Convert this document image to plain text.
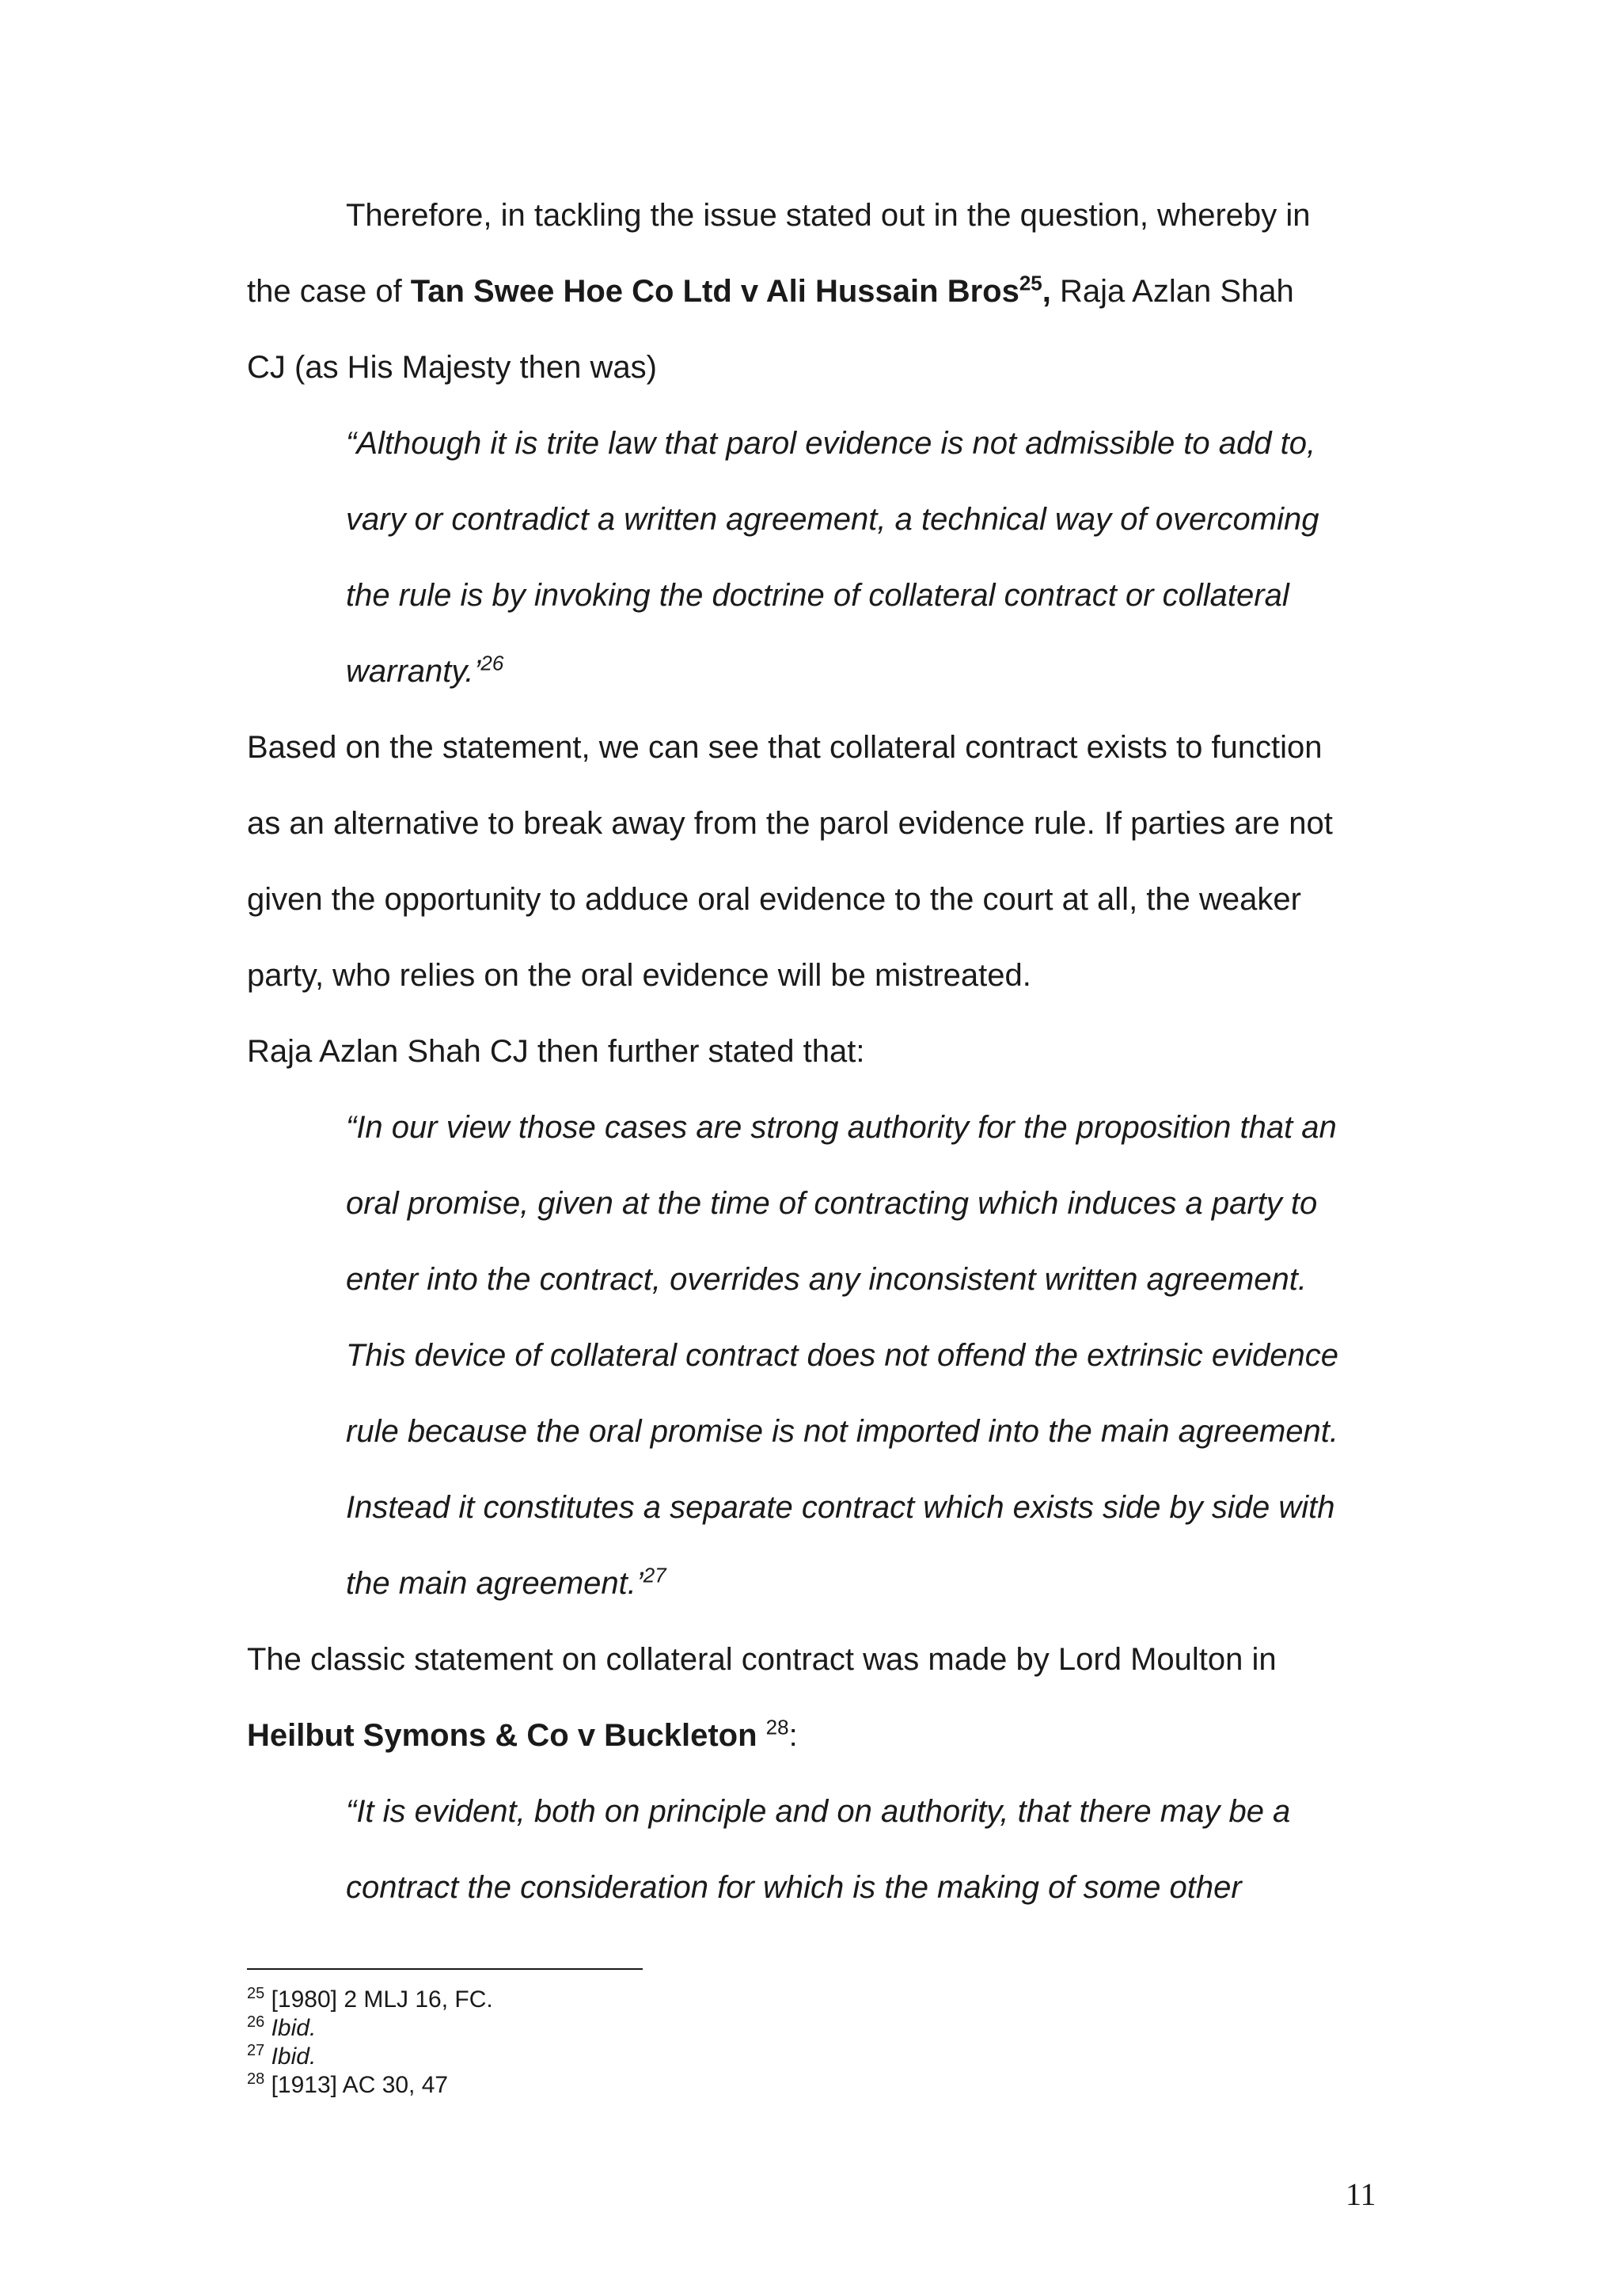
Therefore, in tackling the issue stated out in the question, whereby in
the case of Tan Swee Hoe Co Ltd v Ali Hussain Bros$^{25}$, Raja Azlan Shah
CJ (as His Majesty then was)
“Although it is trite law that parol evidence is not admissible to add to,
vary or contradict a written agreement, a technical way of overcoming
the rule is by invoking the doctrine of collateral contract or collateral
warranty.’$^{26}$
Based on the statement, we can see that collateral contract exists to function
as an alternative to break away from the parol evidence rule. If parties are not
given the opportunity to adduce oral evidence to the court at all, the weaker
party, who relies on the oral evidence will be mistreated.
Raja Azlan Shah CJ then further stated that:
“In our view those cases are strong authority for the proposition that an
oral promise, given at the time of contracting which induces a party to
enter into the contract, overrides any inconsistent written agreement.
This device of collateral contract does not offend the extrinsic evidence
rule because the oral promise is not imported into the main agreement.
Instead it constitutes a separate contract which exists side by side with
the main agreement.’$^{27}$
The classic statement on collateral contract was made by Lord Moulton in
Heilbut Symons & Co v Buckleton $^{28}$:
“It is evident, both on principle and on authority, that there may be a
contract the consideration for which is the making of some other
$^{25}$ [1980] 2 MLJ 16, FC.
$^{26}$ Ibid.
$^{27}$ Ibid.
$^{28}$ [1913] AC 30, 47
11
